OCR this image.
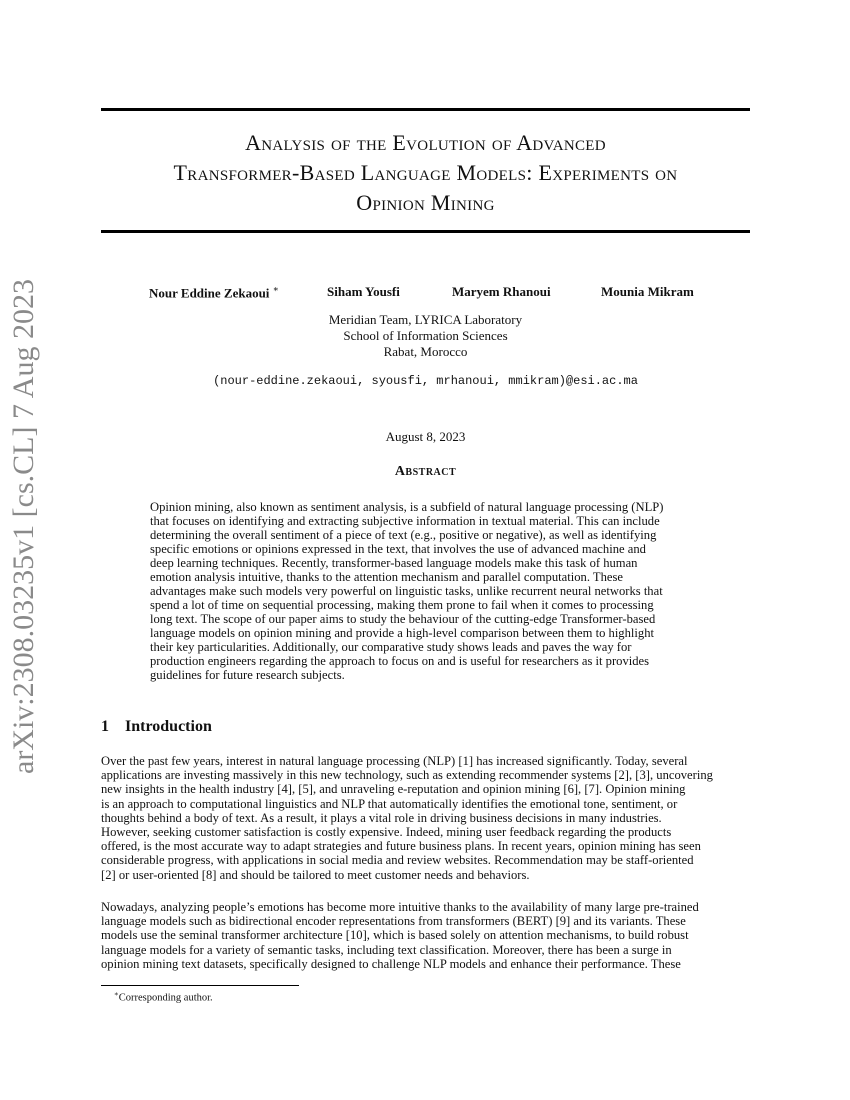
arXiv:2308.03235v1 [cs.CL] 7 Aug 2023
Analysis of the Evolution of Advanced
Transformer-Based Language Models: Experiments on
Opinion Mining
Nour Eddine Zekaoui ∗	Siham Yousfi	Maryem Rhanoui	Mounia Mikram
Meridian Team, LYRICA Laboratory
School of Information Sciences
Rabat, Morocco
(nour-eddine.zekaoui, syousfi, mrhanoui, mmikram)@esi.ac.ma
August 8, 2023
Abstract

Opinion mining, also known as sentiment analysis, is a subfield of natural language processing (NLP)
that focuses on identifying and extracting subjective information in textual material. This can include
determining the overall sentiment of a piece of text (e.g., positive or negative), as well as identifying
specific emotions or opinions expressed in the text, that involves the use of advanced machine and
deep learning techniques. Recently, transformer-based language models make this task of human
emotion analysis intuitive, thanks to the attention mechanism and parallel computation. These
advantages make such models very powerful on linguistic tasks, unlike recurrent neural networks that
spend a lot of time on sequential processing, making them prone to fail when it comes to processing
long text. The scope of our paper aims to study the behaviour of the cutting-edge Transformer-based
language models on opinion mining and provide a high-level comparison between them to highlight
their key particularities. Additionally, our comparative study shows leads and paves the way for
production engineers regarding the approach to focus on and is useful for researchers as it provides
guidelines for future research subjects.

1 Introduction

Over the past few years, interest in natural language processing (NLP) [1] has increased significantly. Today, several
applications are investing massively in this new technology, such as extending recommender systems [2], [3], uncovering
new insights in the health industry [4], [5], and unraveling e-reputation and opinion mining [6], [7]. Opinion mining
is an approach to computational linguistics and NLP that automatically identifies the emotional tone, sentiment, or
thoughts behind a body of text. As a result, it plays a vital role in driving business decisions in many industries.
However, seeking customer satisfaction is costly expensive. Indeed, mining user feedback regarding the products
offered, is the most accurate way to adapt strategies and future business plans. In recent years, opinion mining has seen
considerable progress, with applications in social media and review websites. Recommendation may be staff-oriented
[2] or user-oriented [8] and should be tailored to meet customer needs and behaviors.

Nowadays, analyzing people’s emotions has become more intuitive thanks to the availability of many large pre-trained
language models such as bidirectional encoder representations from transformers (BERT) [9] and its variants. These
models use the seminal transformer architecture [10], which is based solely on attention mechanisms, to build robust
language models for a variety of semantic tasks, including text classification. Moreover, there has been a surge in
opinion mining text datasets, specifically designed to challenge NLP models and enhance their performance. These

∗Corresponding author.
